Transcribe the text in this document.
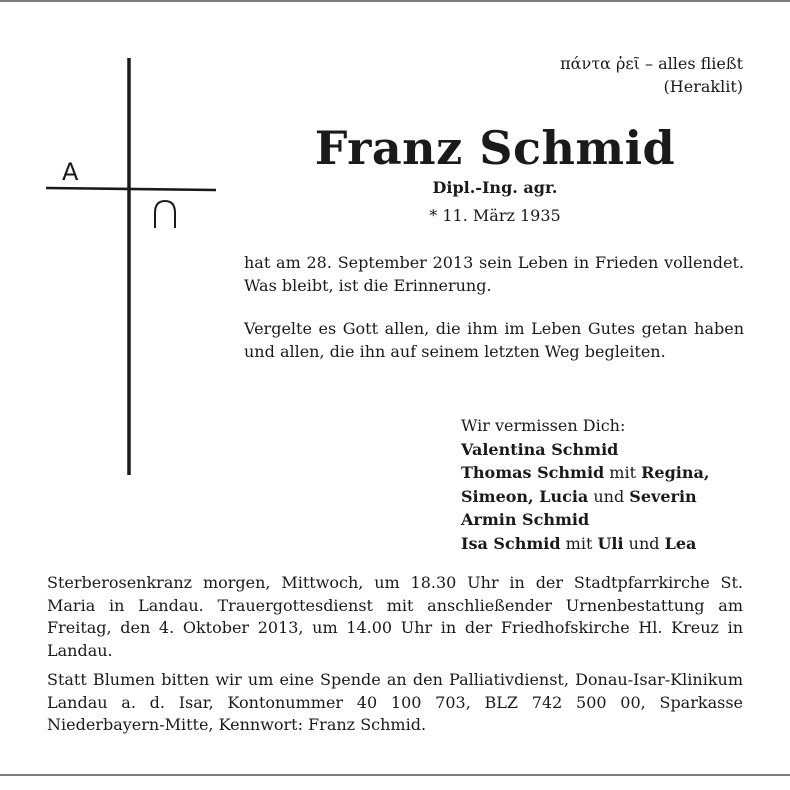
πάντα ῥεῖ – alles fließt
(Heraklit)
A	Franz Schmid
Dipl.-Ing. agr.
* 11. März 1935
hat am 28. September 2013 sein Leben in Frieden vollendet. Was bleibt, ist die Erinnerung.
Vergelte es Gott allen, die ihm im Leben Gutes getan haben und allen, die ihn auf seinem letzten Weg begleiten.
Wir vermissen Dich:
Valentina Schmid
Thomas Schmid mit Regina,
Simeon, Lucia und Severin
Armin Schmid
Isa Schmid mit Uli und Lea
Sterberosenkranz morgen, Mittwoch, um 18.30 Uhr in der Stadtpfarrkirche St. Maria in Landau. Trauergottesdienst mit anschließender Urnenbestattung am Freitag, den 4. Oktober 2013, um 14.00 Uhr in der Friedhofskirche Hl. Kreuz in Landau.
Statt Blumen bitten wir um eine Spende an den Palliativdienst, Donau-Isar-Klinikum Landau a. d. Isar, Kontonummer 40 100 703, BLZ 742 500 00, Sparkasse Niederbayern-Mitte, Kennwort: Franz Schmid.
